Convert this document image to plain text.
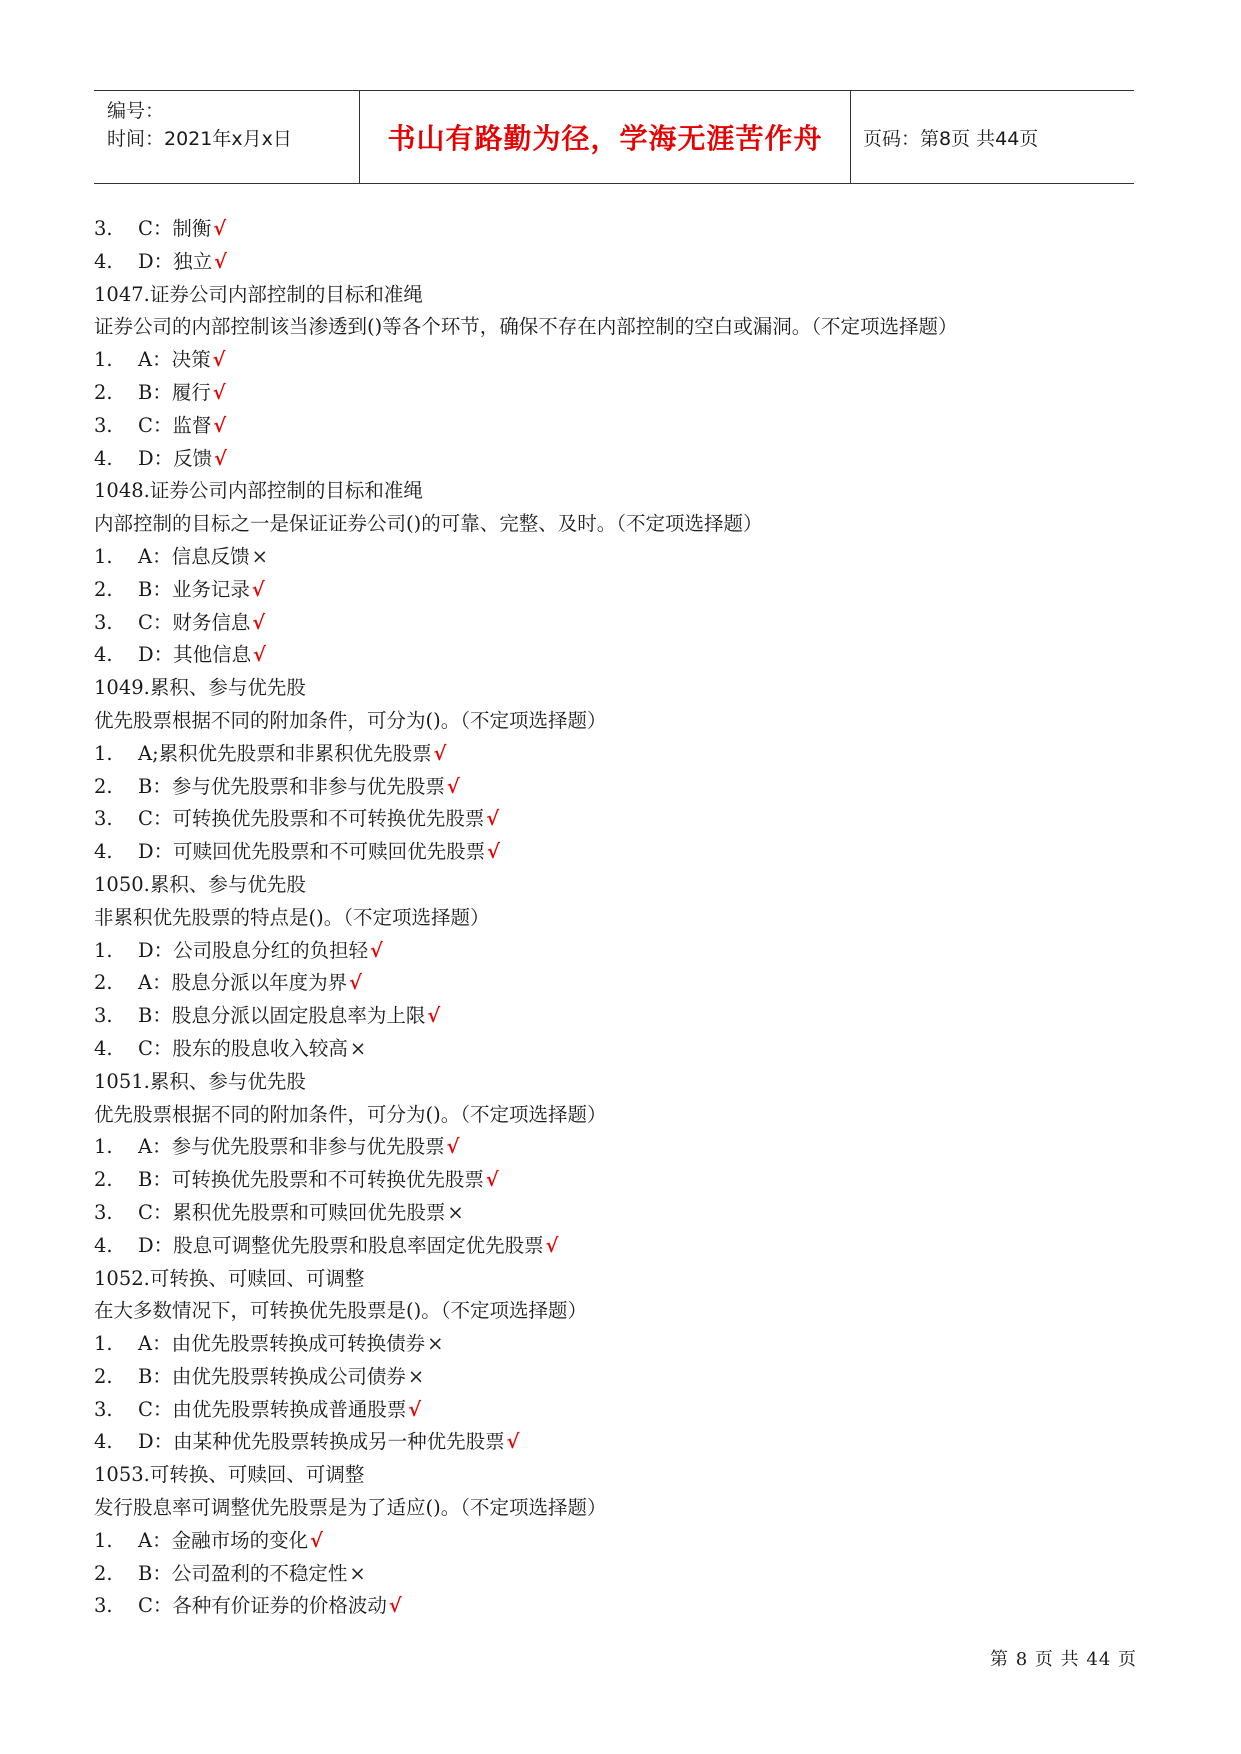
编号：
时间：2021年x月x日	书山有路勤为径，学海无涯苦作舟	页码：第8页 共44页
3. C：制衡 √
4. D：独立 √
1047.证券公司内部控制的目标和准绳
证券公司的内部控制该当渗透到()等各个环节，确保不存在内部控制的空白或漏洞。（不定项选择题）
1. A：决策 √
2. B：履行 √
3. C：监督 √
4. D：反馈 √
1048.证券公司内部控制的目标和准绳
内部控制的目标之一是保证证券公司()的可靠、完整、及时。（不定项选择题）
1. A：信息反馈 ×
2. B：业务记录 √
3. C：财务信息 √
4. D：其他信息 √
1049.累积、参与优先股
优先股票根据不同的附加条件，可分为()。（不定项选择题）
1. A;累积优先股票和非累积优先股票 √
2. B：参与优先股票和非参与优先股票 √
3. C：可转换优先股票和不可转换优先股票 √
4. D：可赎回优先股票和不可赎回优先股票 √
1050.累积、参与优先股
非累积优先股票的特点是()。（不定项选择题）
1. D：公司股息分红的负担轻 √
2. A：股息分派以年度为界 √
3. B：股息分派以固定股息率为上限 √
4. C：股东的股息收入较高 ×
1051.累积、参与优先股
优先股票根据不同的附加条件，可分为()。（不定项选择题）
1. A：参与优先股票和非参与优先股票 √
2. B：可转换优先股票和不可转换优先股票 √
3. C：累积优先股票和可赎回优先股票 ×
4. D：股息可调整优先股票和股息率固定优先股票 √
1052.可转换、可赎回、可调整
在大多数情况下，可转换优先股票是()。（不定项选择题）
1. A：由优先股票转换成可转换债券 ×
2. B：由优先股票转换成公司债券 ×
3. C：由优先股票转换成普通股票 √
4. D：由某种优先股票转换成另一种优先股票 √
1053.可转换、可赎回、可调整
发行股息率可调整优先股票是为了适应()。（不定项选择题）
1. A：金融市场的变化 √
2. B：公司盈利的不稳定性 ×
3. C：各种有价证券的价格波动 √
第 8 页 共 44 页
